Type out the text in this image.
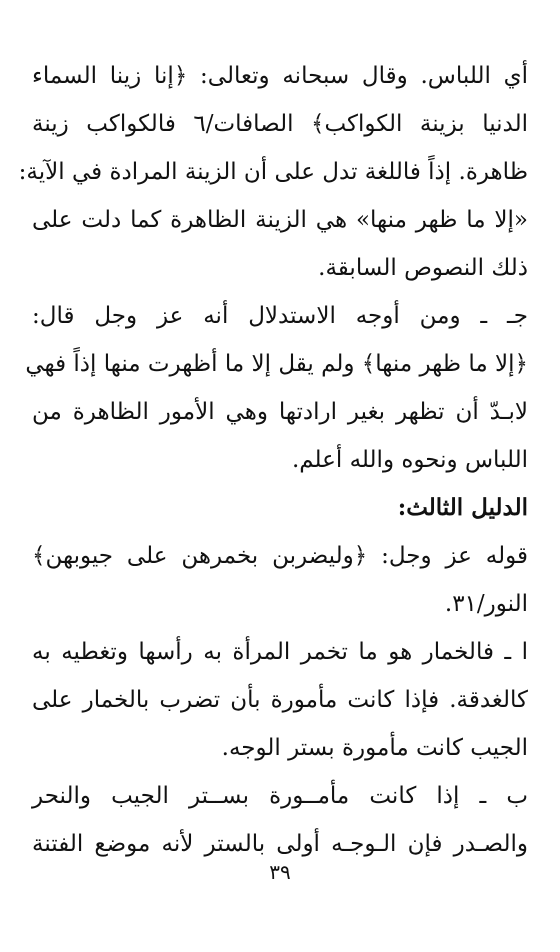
أي اللباس. وقال سبحانه وتعالى: ﴿إنا زينا السماء
الدنيا بزينة الكواكب﴾ الصافات/٦ فالكواكب زينة
ظاهرة. إذاً فاللغة تدل على أن الزينة المرادة في الآية:
«إلا ما ظهر منها» هي الزينة الظاهرة كما دلت على
ذلك النصوص السابقة.
جـ ـ ومن أوجه الاستدلال أنه عز وجل قال:
﴿إلا ما ظهر منها﴾ ولم يقل إلا ما أظهرت منها إذاً فهي
لابـدّ أن تظهر بغير ارادتها وهي الأمور الظاهرة من
اللباس ونحوه والله أعلم.
الدليل الثالث:
قوله عز وجل: ﴿وليضربن بخمرهن على جيوبهن﴾
النور/٣١.
ا ـ فالخمار هو ما تخمر المرأة به رأسها وتغطيه به
كالغدقة. فإذا كانت مأمورة بأن تضرب بالخمار على
الجيب كانت مأمورة بستر الوجه.
ب ـ إذا كانت مأمــورة بســتر الجيب والنحر
والصـدر فإن الـوجـه أولى بالستر لأنه موضع الفتنة
٣٩
